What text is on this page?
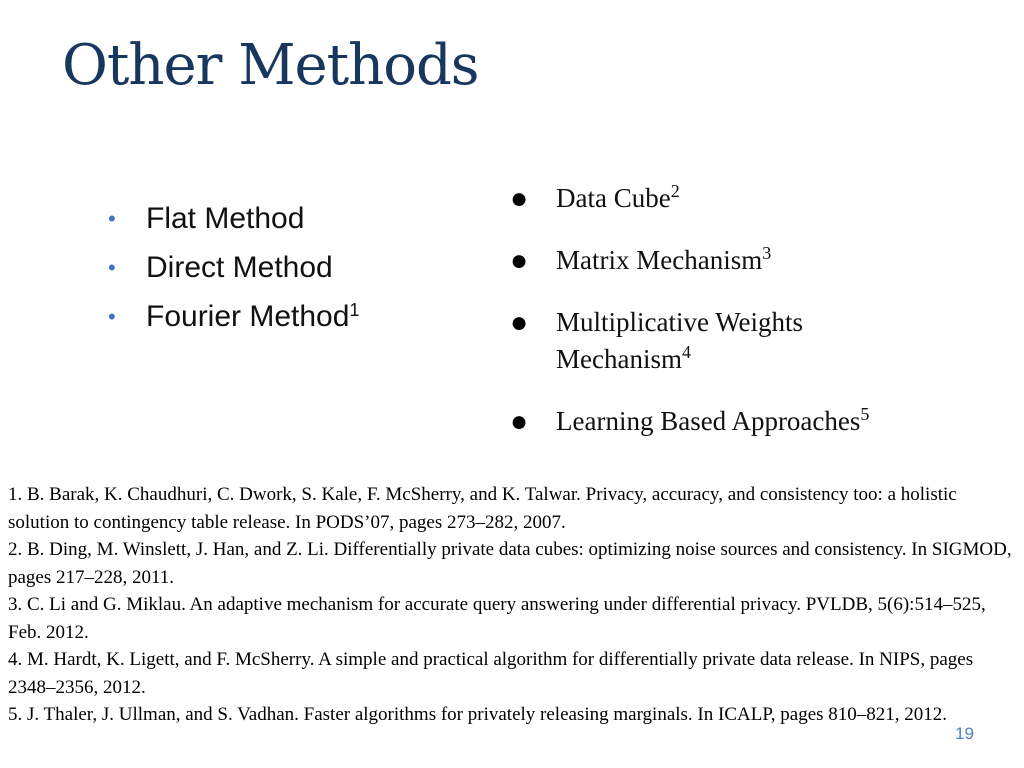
Other Methods
• Flat Method
• Direct Method
• Fourier Method$^1$
● Data Cube$^2$
● Matrix Mechanism$^3$
● Multiplicative Weights Mechanism$^4$
● Learning Based Approaches$^5$

1. B. Barak, K. Chaudhuri, C. Dwork, S. Kale, F. McSherry, and K. Talwar. Privacy, accuracy, and consistency too: a holistic solution to contingency table release. In PODS’07, pages 273–282, 2007.

2. B. Ding, M. Winslett, J. Han, and Z. Li. Differentially private data cubes: optimizing noise sources and consistency. In SIGMOD, pages 217–228, 2011.

3. C. Li and G. Miklau. An adaptive mechanism for accurate query answering under differential privacy. PVLDB, 5(6):514–525, Feb. 2012.

4. M. Hardt, K. Ligett, and F. McSherry. A simple and practical algorithm for differentially private data release. In NIPS, pages 2348–2356, 2012.

5. J. Thaler, J. Ullman, and S. Vadhan. Faster algorithms for privately releasing marginals. In ICALP, pages 810–821, 2012.

19
